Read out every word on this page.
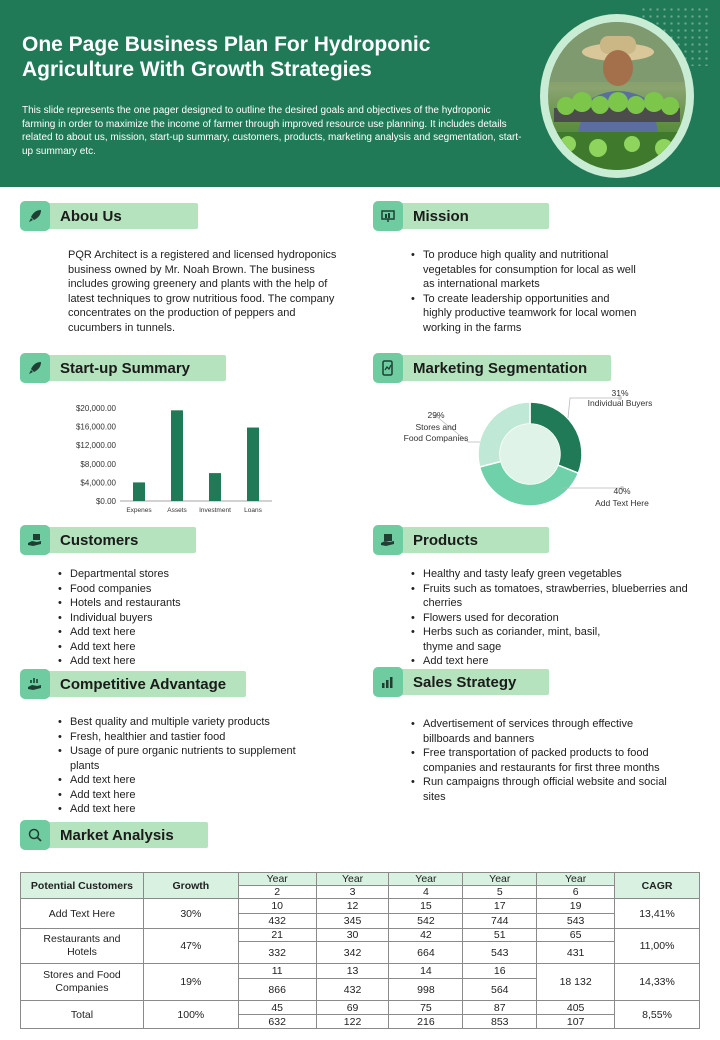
One Page Business Plan For Hydroponic Agriculture With Growth Strategies
This slide represents the one pager designed to outline the desired goals and objectives of the hydroponic farming in order to maximize the income of farmer through improved resource use planning. It includes details related to about us, mission, start-up summary, customers, products, marketing analysis and segmentation, start-up summary etc.
Abou Us
PQR Architect is a registered and licensed hydroponics business owned by Mr. Noah Brown. The business includes growing greenery and plants with the help of latest techniques to grow nutritious food. The company concentrates on the production of peppers and cucumbers in tunnels.
Mission
• To produce high quality and nutritional vegetables for consumption for local as well as international markets
• To create leadership opportunities and highly productive teamwork for local women working in the farms
Start-up Summary
$20,000.00
$16,000.00
$12,000.00
$8,000.00
$4,000.00
$0.00
Expenes Assets Investment Loans
Marketing Segmentation
31%
40%
29%
Individual Buyers
Add Text Here
Stores and Food Companies
Customers
• Departmental stores
• Food companies
• Hotels and restaurants
• Individual buyers
• Add text here
• Add text here
• Add text here
Products
• Healthy and tasty leafy green vegetables
• Fruits such as tomatoes, strawberries, blueberries and cherries
• Flowers used for decoration
• Herbs such as coriander, mint, basil, thyme and sage
• Add text here
Competitive Advantage
• Best quality and multiple variety products
• Fresh, healthier and tastier food
• Usage of pure organic nutrients to supplement plants
• Add text here
• Add text here
• Add text here
Sales Strategy
• Advertisement of services through effective billboards and banners
• Free transportation of packed products to food companies and restaurants for first three months
• Run campaigns through official website and social sites
Market Analysis
Potential Customers	Growth	Year	Year	Year	Year	Year	CAGR
		2	3	4	5	6	
Add Text Here	30%	10	12	15	17	19	13,41%
		432	345	542	744	543	
Restaurants and Hotels	47%	21	30	42	51	65	11,00%
		332	342	664	543	431	
Stores and Food Companies	19%	11	13	14	16	18 132	14,33%
		866	432	998	564		
Total	100%	45	69	75	87	405	8,55%
		632	122	216	853	107	
